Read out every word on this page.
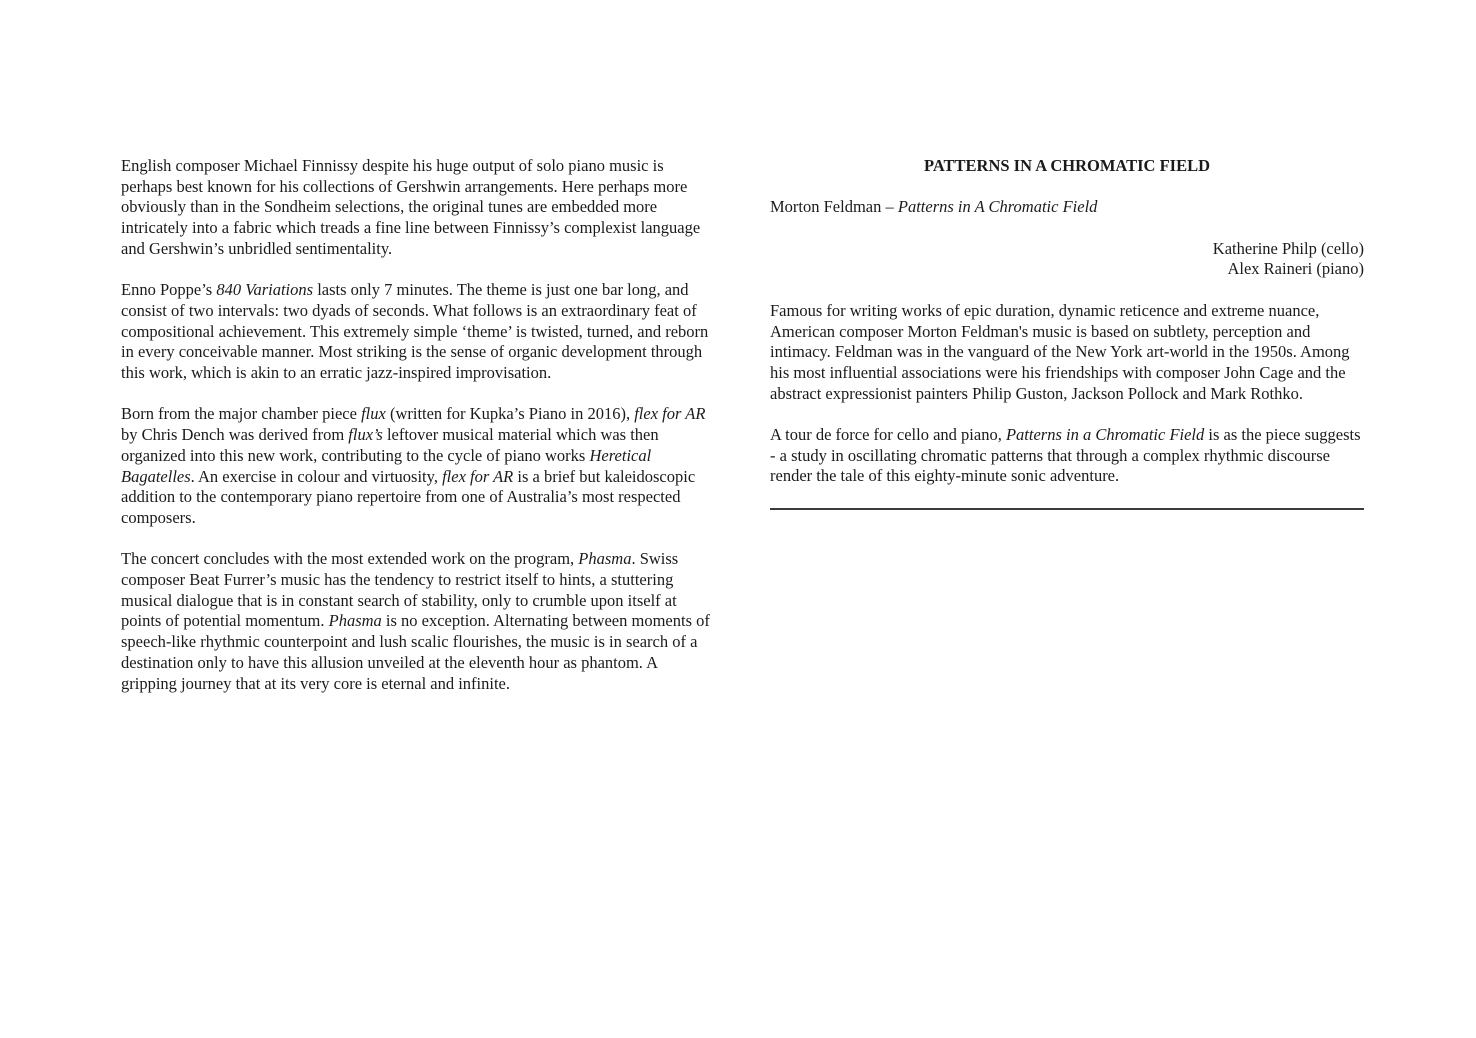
English composer Michael Finnissy despite his huge output of solo piano music is perhaps best known for his collections of Gershwin arrangements. Here perhaps more obviously than in the Sondheim selections, the original tunes are embedded more intricately into a fabric which treads a fine line between Finnissy’s complexist language and Gershwin’s unbridled sentimentality.

Enno Poppe’s 840 Variations lasts only 7 minutes. The theme is just one bar long, and consist of two intervals: two dyads of seconds. What follows is an extraordinary feat of compositional achievement. This extremely simple ‘theme’ is twisted, turned, and reborn in every conceivable manner. Most striking is the sense of organic development through this work, which is akin to an erratic jazz-inspired improvisation.

Born from the major chamber piece flux (written for Kupka’s Piano in 2016), flex for AR by Chris Dench was derived from flux’s leftover musical material which was then organized into this new work, contributing to the cycle of piano works Heretical Bagatelles. An exercise in colour and virtuosity, flex for AR is a brief but kaleidoscopic addition to the contemporary piano repertoire from one of Australia’s most respected composers.

The concert concludes with the most extended work on the program, Phasma. Swiss composer Beat Furrer’s music has the tendency to restrict itself to hints, a stuttering musical dialogue that is in constant search of stability, only to crumble upon itself at points of potential momentum. Phasma is no exception. Alternating between moments of speech-like rhythmic counterpoint and lush scalic flourishes, the music is in search of a destination only to have this allusion unveiled at the eleventh hour as phantom. A gripping journey that at its very core is eternal and infinite.

PATTERNS IN A CHROMATIC FIELD

Morton Feldman – Patterns in A Chromatic Field

Katherine Philp (cello)
Alex Raineri (piano)

Famous for writing works of epic duration, dynamic reticence and extreme nuance, American composer Morton Feldman's music is based on subtlety, perception and intimacy. Feldman was in the vanguard of the New York art-world in the 1950s. Among his most influential associations were his friendships with composer John Cage and the abstract expressionist painters Philip Guston, Jackson Pollock and Mark Rothko.

A tour de force for cello and piano, Patterns in a Chromatic Field is as the piece suggests - a study in oscillating chromatic patterns that through a complex rhythmic discourse render the tale of this eighty-minute sonic adventure.
